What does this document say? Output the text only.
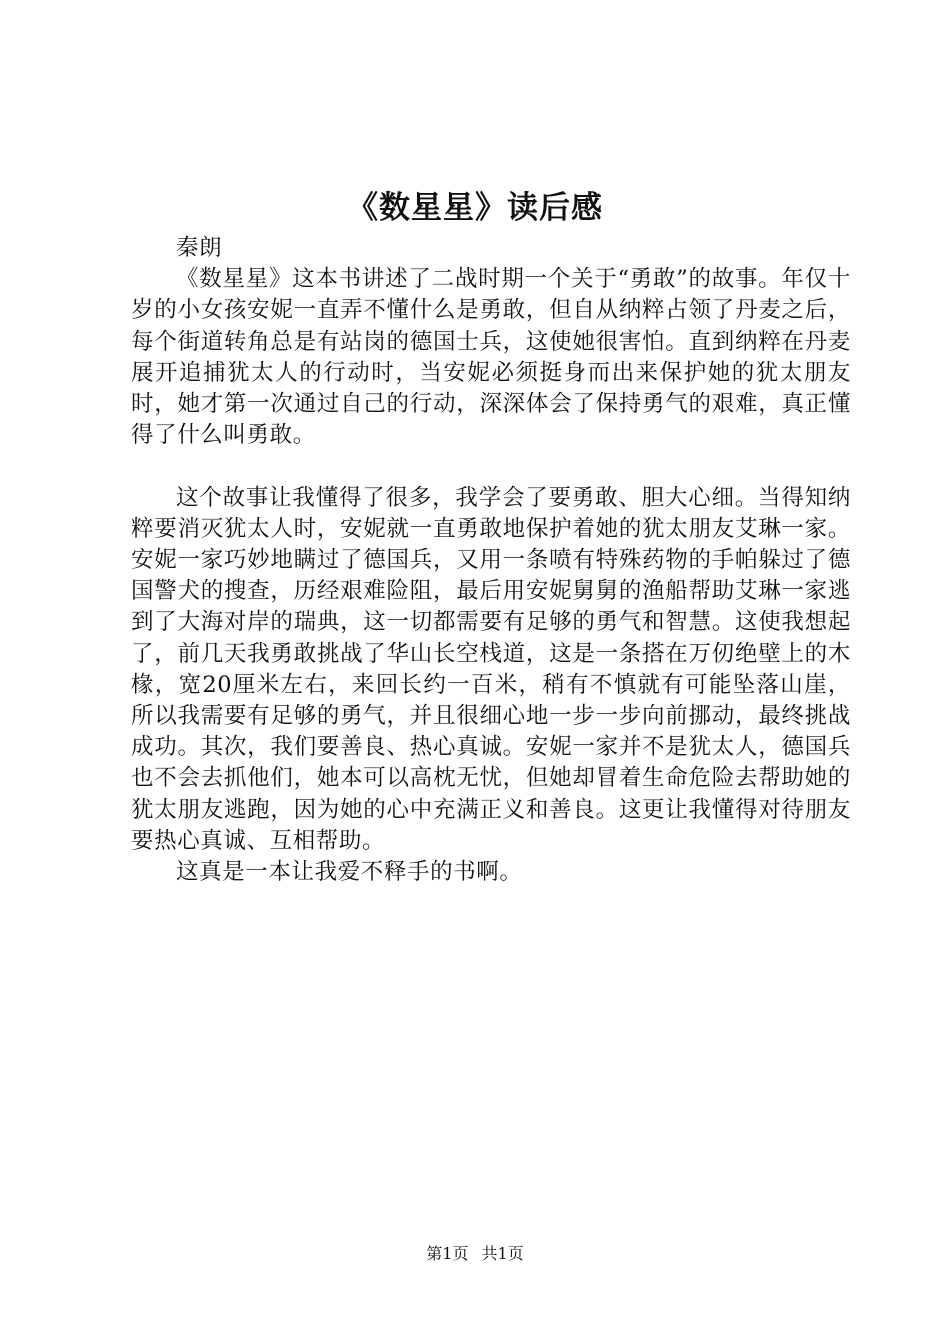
《数星星》读后感

秦朗

《数星星》这本书讲述了二战时期一个关于“勇敢”的故事。年仅十岁的小女孩安妮一直弄不懂什么是勇敢，但自从纳粹占领了丹麦之后，每个街道转角总是有站岗的德国士兵，这使她很害怕。直到纳粹在丹麦展开追捕犹太人的行动时，当安妮必须挺身而出来保护她的犹太朋友时，她才第一次通过自己的行动，深深体会了保持勇气的艰难，真正懂得了什么叫勇敢。

这个故事让我懂得了很多，我学会了要勇敢、胆大心细。当得知纳粹要消灭犹太人时，安妮就一直勇敢地保护着她的犹太朋友艾琳一家。安妮一家巧妙地瞒过了德国兵，又用一条喷有特殊药物的手帕躲过了德国警犬的搜查，历经艰难险阻，最后用安妮舅舅的渔船帮助艾琳一家逃到了大海对岸的瑞典，这一切都需要有足够的勇气和智慧。这使我想起了，前几天我勇敢挑战了华山长空栈道，这是一条搭在万仞绝壁上的木椽，宽20厘米左右，来回长约一百米，稍有不慎就有可能坠落山崖，所以我需要有足够的勇气，并且很细心地一步一步向前挪动，最终挑战成功。其次，我们要善良、热心真诚。安妮一家并不是犹太人，德国兵也不会去抓他们，她本可以高枕无忧，但她却冒着生命危险去帮助她的犹太朋友逃跑，因为她的心中充满正义和善良。这更让我懂得对待朋友要热心真诚、互相帮助。

这真是一本让我爱不释手的书啊。

第1页 共1页
